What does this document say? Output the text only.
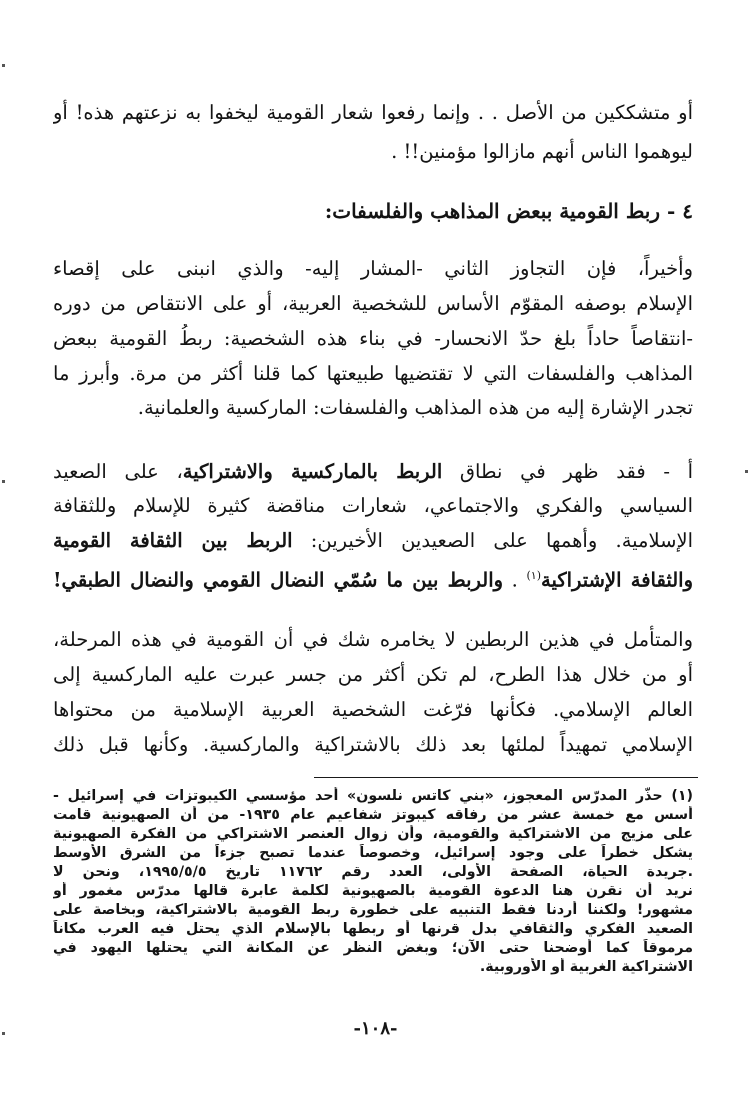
أو متشككين من الأصل . . وإنما رفعوا شعار القومية ليخفوا به نزعتهم هذه! أو
ليوهموا الناس أنهم مازالوا مؤمنين!! .
٤ - ربط القومية ببعض المذاهب والفلسفات:
وأخيراً، فإن التجاوز الثاني -المشار إليه- والذي انبنى على إقصاء
الإسلام بوصفه المقوّم الأساس للشخصية العربية، أو على الانتقاص من دوره
-انتقاصاً حاداً بلغ حدّ الانحسار- في بناء هذه الشخصية: ربطُ القومية ببعض
المذاهب والفلسفات التي لا تقتضيها طبيعتها كما قلنا أكثر من مرة. وأبرز ما
تجدر الإشارة إليه من هذه المذاهب والفلسفات: الماركسية والعلمانية.
أ - فقد ظهر في نطاق الربط بالماركسية والاشتراكية، على الصعيد
السياسي والفكري والاجتماعي، شعارات مناقضة كثيرة للإسلام وللثقافة
الإسلامية. وأهمها على الصعيدين الأخيرين: الربط بين الثقافة القومية
والثقافة الإشتراكية$^{(١)}$ . والربط بين ما سُمّي النضال القومي والنضال الطبقي!
والمتأمل في هذين الربطين لا يخامره شك في أن القومية في هذه المرحلة،
أو من خلال هذا الطرح، لم تكن أكثر من جسر عبرت عليه الماركسية إلى
العالم الإسلامي. فكأنها فرّغت الشخصية العربية الإسلامية من محتواها
الإسلامي تمهيداً لملئها بعد ذلك بالاشتراكية والماركسية. وكأنها قبل ذلك
(١) حذّر المدرّس المعجوز، «بني كاتس نلسون» أحد مؤسسي الكيبوتزات في إسرائيل -
أسس مع خمسة عشر من رفاقه كيبوتز شفاعيم عام ١٩٣٥- من أن الصهيونية قامت
على مزيج من الاشتراكية والقومية، وأن زوال العنصر الاشتراكي من الفكرة الصهيونية
يشكل خطراً على وجود إسرائيل، وخصوصاً عندما تصبح جزءاً من الشرق الأوسط
.جريدة الحياة، الصفحة الأولى، العدد رقم ١١٧٦٢ تاريخ ١٩٩٥/٥/٥، ونحن لا
نريد أن نقرن هنا الدعوة القومية بالصهيونية لكلمة عابرة قالها مدرّس مغمور أو
مشهور! ولكننا أردنا فقط التنبيه على خطورة ربط القومية بالاشتراكية، وبخاصة على
الصعيد الفكري والثقافي بدل قرنها أو ربطها بالإسلام الذي يحتل فيه العرب مكاناً
مرموقاً كما أوضحنا حتى الآن؛ وبغض النظر عن المكانة التي يحتلها اليهود في
الاشتراكية الغربية أو الأوروبية.
-١٠٨-
